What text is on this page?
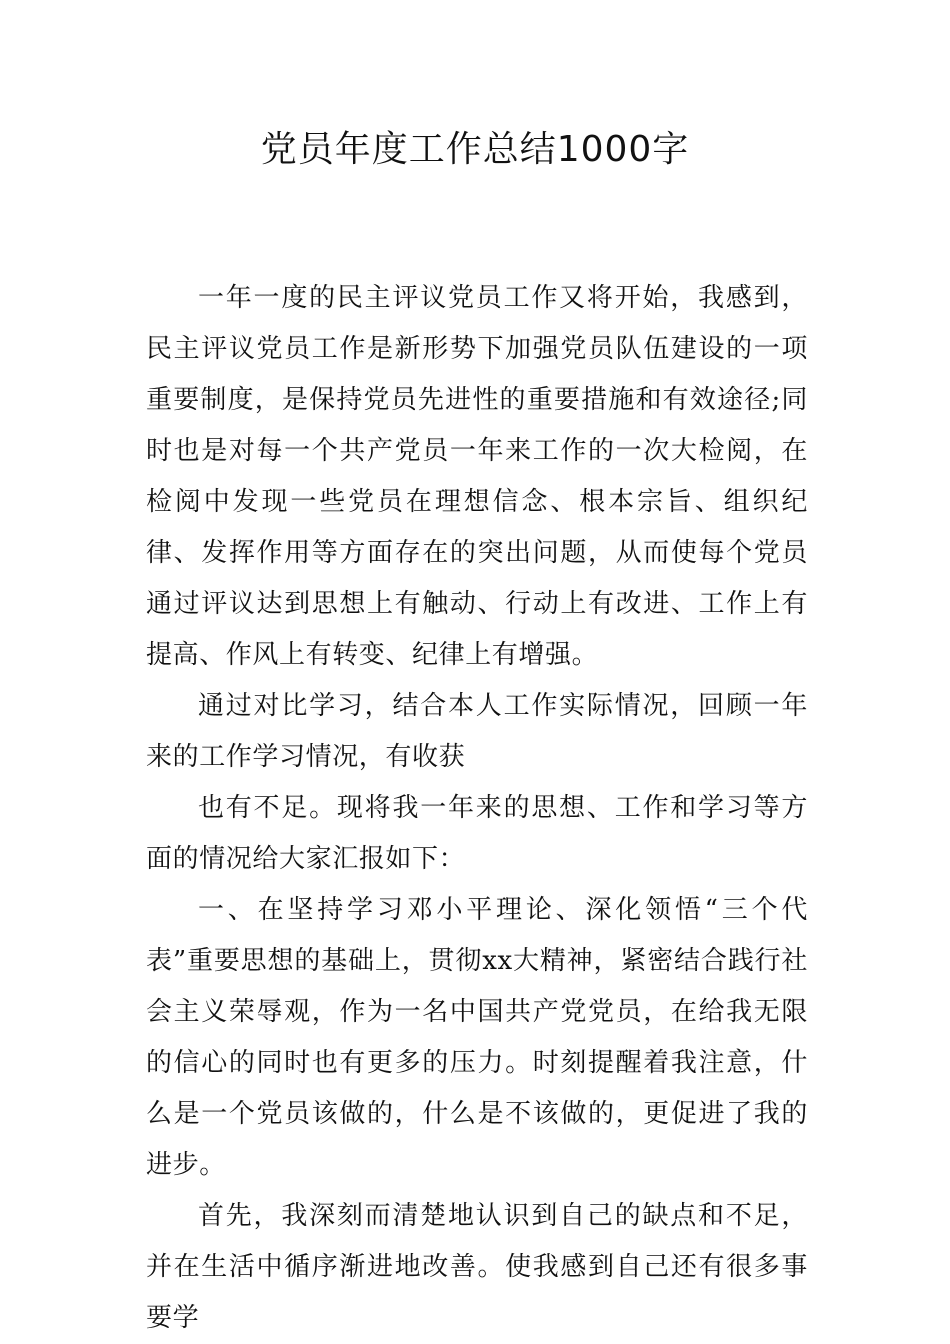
党员年度工作总结1000字

一年一度的民主评议党员工作又将开始，我感到，民主评议党员工作是新形势下加强党员队伍建设的一项重要制度，是保持党员先进性的重要措施和有效途径;同时也是对每一个共产党员一年来工作的一次大检阅，在检阅中发现一些党员在理想信念、根本宗旨、组织纪律、发挥作用等方面存在的突出问题，从而使每个党员通过评议达到思想上有触动、行动上有改进、工作上有提高、作风上有转变、纪律上有增强。

通过对比学习，结合本人工作实际情况，回顾一年来的工作学习情况，有收获

也有不足。现将我一年来的思想、工作和学习等方面的情况给大家汇报如下：

一、在坚持学习邓小平理论、深化领悟“三个代表”重要思想的基础上，贯彻xx大精神，紧密结合践行社会主义荣辱观，作为一名中国共产党党员，在给我无限的信心的同时也有更多的压力。时刻提醒着我注意，什么是一个党员该做的，什么是不该做的，更促进了我的进步。

首先，我深刻而清楚地认识到自己的缺点和不足，并在生活中循序渐进地改善。使我感到自己还有很多事要学
